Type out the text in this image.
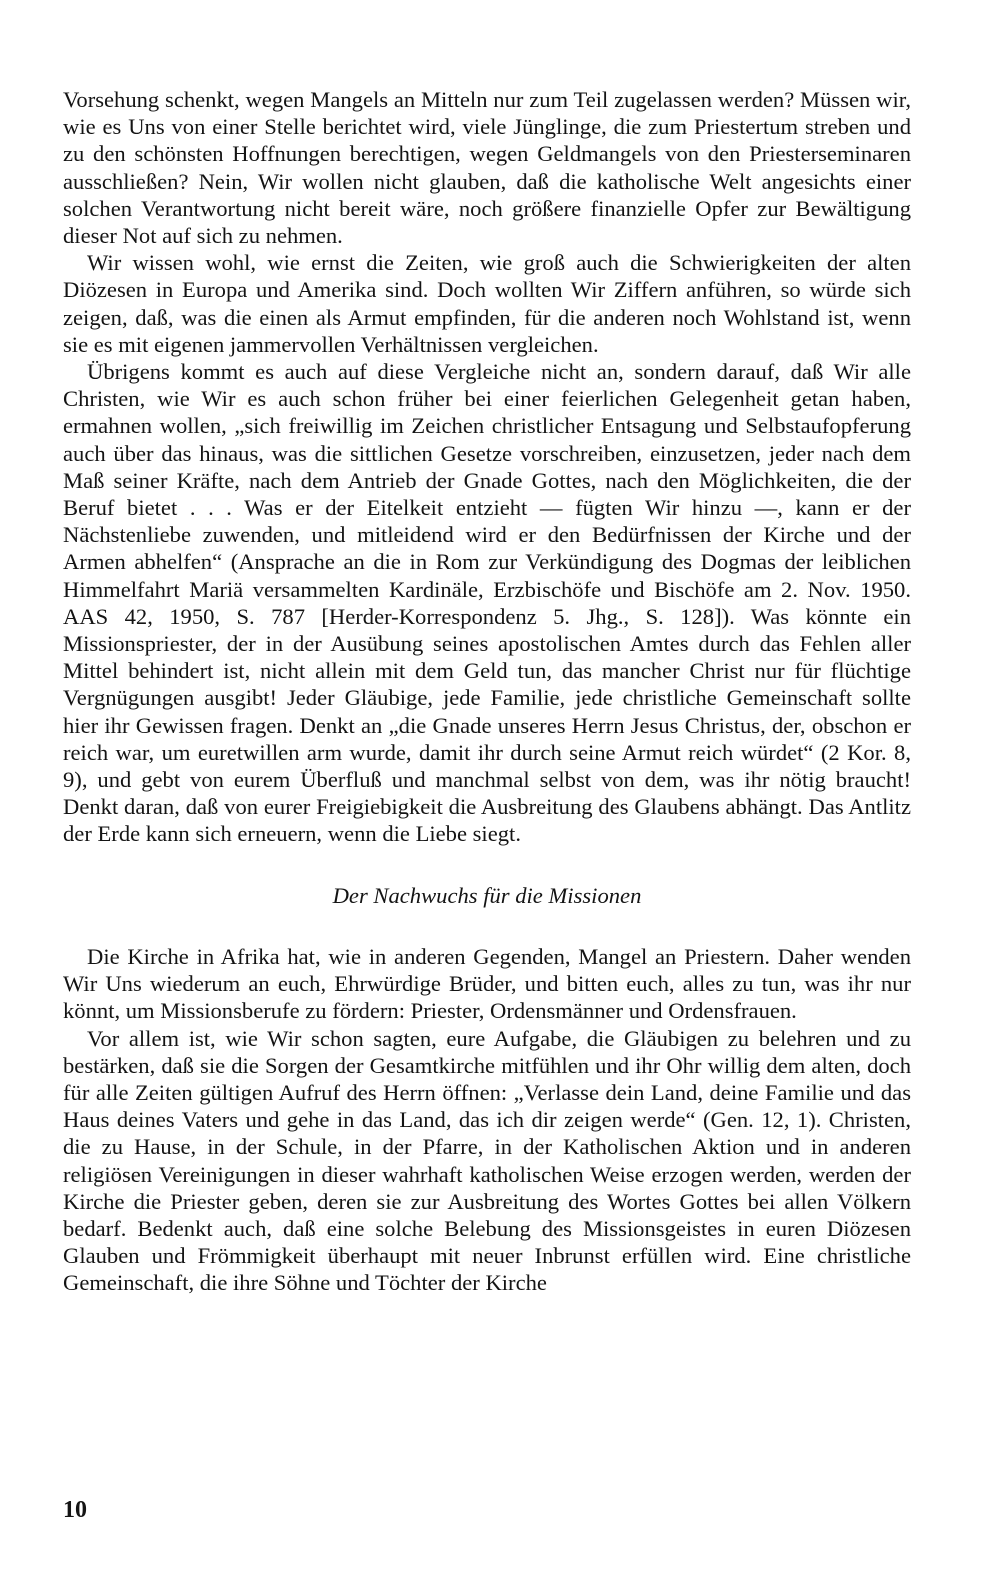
Vorsehung schenkt, wegen Mangels an Mitteln nur zum Teil zugelassen werden? Müssen wir, wie es Uns von einer Stelle berichtet wird, viele Jünglinge, die zum Priestertum streben und zu den schönsten Hoffnungen berechtigen, wegen Geldmangels von den Priesterseminaren ausschließen? Nein, Wir wollen nicht glauben, daß die katholische Welt angesichts einer solchen Verantwortung nicht bereit wäre, noch größere finanzielle Opfer zur Bewältigung dieser Not auf sich zu nehmen.

Wir wissen wohl, wie ernst die Zeiten, wie groß auch die Schwierigkeiten der alten Diözesen in Europa und Amerika sind. Doch wollten Wir Ziffern anführen, so würde sich zeigen, daß, was die einen als Armut empfinden, für die anderen noch Wohlstand ist, wenn sie es mit eigenen jammervollen Verhältnissen vergleichen.

Übrigens kommt es auch auf diese Vergleiche nicht an, sondern darauf, daß Wir alle Christen, wie Wir es auch schon früher bei einer feierlichen Gelegenheit getan haben, ermahnen wollen, „sich freiwillig im Zeichen christlicher Entsagung und Selbstaufopferung auch über das hinaus, was die sittlichen Gesetze vorschreiben, einzusetzen, jeder nach dem Maß seiner Kräfte, nach dem Antrieb der Gnade Gottes, nach den Möglichkeiten, die der Beruf bietet . . . Was er der Eitelkeit entzieht — fügten Wir hinzu —, kann er der Nächstenliebe zuwenden, und mitleidend wird er den Bedürfnissen der Kirche und der Armen abhelfen“ (Ansprache an die in Rom zur Verkündigung des Dogmas der leiblichen Himmelfahrt Mariä versammelten Kardinäle, Erzbischöfe und Bischöfe am 2. Nov. 1950. AAS 42, 1950, S. 787 [Herder-Korrespondenz 5. Jhg., S. 128]). Was könnte ein Missionspriester, der in der Ausübung seines apostolischen Amtes durch das Fehlen aller Mittel behindert ist, nicht allein mit dem Geld tun, das mancher Christ nur für flüchtige Vergnügungen ausgibt! Jeder Gläubige, jede Familie, jede christliche Gemeinschaft sollte hier ihr Gewissen fragen. Denkt an „die Gnade unseres Herrn Jesus Christus, der, obschon er reich war, um euretwillen arm wurde, damit ihr durch seine Armut reich würdet“ (2 Kor. 8, 9), und gebt von eurem Überfluß und manchmal selbst von dem, was ihr nötig braucht! Denkt daran, daß von eurer Freigiebigkeit die Ausbreitung des Glaubens abhängt. Das Antlitz der Erde kann sich erneuern, wenn die Liebe siegt.

Der Nachwuchs für die Missionen

Die Kirche in Afrika hat, wie in anderen Gegenden, Mangel an Priestern. Daher wenden Wir Uns wiederum an euch, Ehrwürdige Brüder, und bitten euch, alles zu tun, was ihr nur könnt, um Missionsberufe zu fördern: Priester, Ordensmänner und Ordensfrauen.

Vor allem ist, wie Wir schon sagten, eure Aufgabe, die Gläubigen zu belehren und zu bestärken, daß sie die Sorgen der Gesamtkirche mitfühlen und ihr Ohr willig dem alten, doch für alle Zeiten gültigen Aufruf des Herrn öffnen: „Verlasse dein Land, deine Familie und das Haus deines Vaters und gehe in das Land, das ich dir zeigen werde“ (Gen. 12, 1). Christen, die zu Hause, in der Schule, in der Pfarre, in der Katholischen Aktion und in anderen religiösen Vereinigungen in dieser wahrhaft katholischen Weise erzogen werden, werden der Kirche die Priester geben, deren sie zur Ausbreitung des Wortes Gottes bei allen Völkern bedarf. Bedenkt auch, daß eine solche Belebung des Missionsgeistes in euren Diözesen Glauben und Frömmigkeit überhaupt mit neuer Inbrunst erfüllen wird. Eine christliche Gemeinschaft, die ihre Söhne und Töchter der Kirche

10
